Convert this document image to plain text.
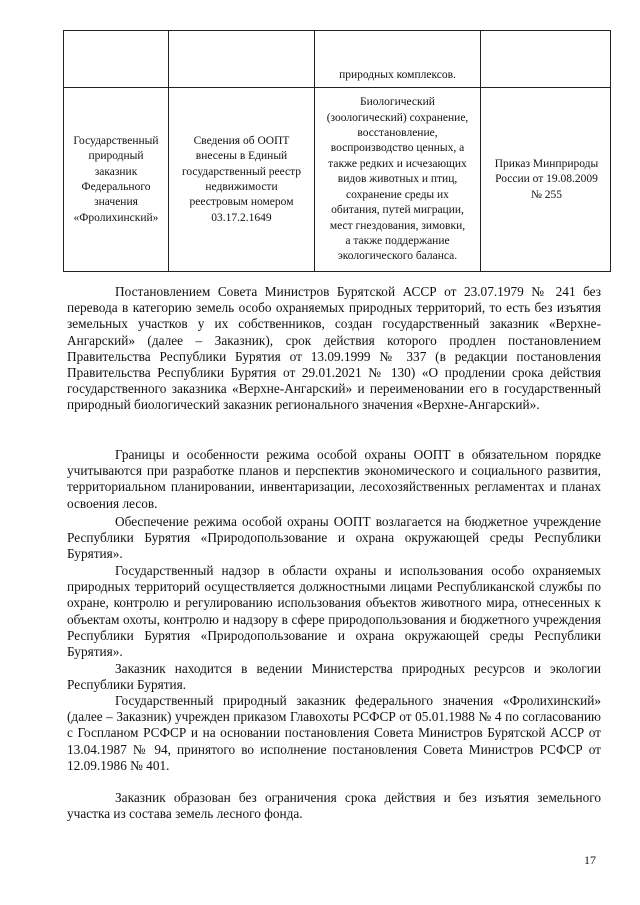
природных комплексов.
Государственный
природный
заказник
Федерального
значения
«Фролихинский»
Сведения об ООПТ
внесены в Единый
государственный реестр
недвижимости
реестровым номером
03.17.2.1649
Биологический
(зоологический) сохранение,
восстановление,
воспроизводство ценных, а
также редких и исчезающих
видов животных и птиц,
сохранение среды их
обитания, путей миграции,
мест гнездования, зимовки,
а также поддержание
экологического баланса.
Приказ Минприроды
России от 19.08.2009
№ 255

Постановлением Совета Министров Бурятской АССР от 23.07.1979 № 241 без перевода в категорию земель особо охраняемых природных территорий, то есть без изъятия земельных участков у их собственников, создан государственный заказник «Верхне-Ангарский» (далее – Заказник), срок действия которого продлен постановлением Правительства Республики Бурятия от 13.09.1999 № 337 (в редакции постановления Правительства Республики Бурятия от 29.01.2021 № 130) «О продлении срока действия государственного заказника «Верхне-Ангарский» и переименовании его в государственный природный биологический заказник регионального значения «Верхне-Ангарский».

Границы и особенности режима особой охраны ООПТ в обязательном порядке учитываются при разработке планов и перспектив экономического и социального развития, территориальном планировании, инвентаризации, лесохозяйственных регламентах и планах освоения лесов.

Обеспечение режима особой охраны ООПТ возлагается на бюджетное учреждение Республики Бурятия «Природопользование и охрана окружающей среды Республики Бурятия».

Государственный надзор в области охраны и использования особо охраняемых природных территорий осуществляется должностными лицами Республиканской службы по охране, контролю и регулированию использования объектов животного мира, отнесенных к объектам охоты, контролю и надзору в сфере природопользования и бюджетного учреждения Республики Бурятия «Природопользование и охрана окружающей среды Республики Бурятия».

Заказник находится в ведении Министерства природных ресурсов и экологии Республики Бурятия.

Государственный природный заказник федерального значения «Фролихинский» (далее – Заказник) учрежден приказом Главохоты РСФСР от 05.01.1988 № 4 по согласованию с Госпланом РСФСР и на основании постановления Совета Министров Бурятской АССР от 13.04.1987 № 94, принятого во исполнение постановления Совета Министров РСФСР от 12.09.1986 № 401.

Заказник образован без ограничения срока действия и без изъятия земельного участка из состава земель лесного фонда.

17
